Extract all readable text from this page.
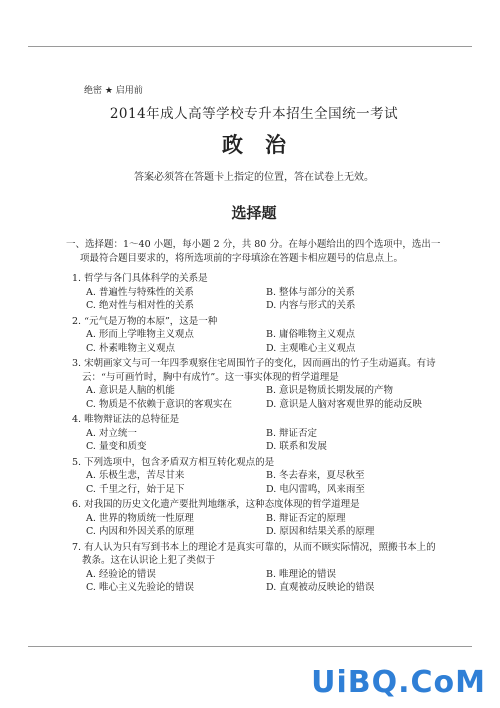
绝密 ★ 启用前
2014年成人高等学校专升本招生全国统一考试
政治
答案必须答在答题卡上指定的位置，答在试卷上无效。
选择题
一、选择题：1～40 小题，每小题 2 分，共 80 分。在每小题给出的四个选项中，选出一
项最符合题目要求的，将所选项前的字母填涂在答题卡相应题号的信息点上。
1. 哲学与各门具体科学的关系是
A. 普遍性与特殊性的关系	B. 整体与部分的关系
C. 绝对性与相对性的关系	D. 内容与形式的关系
2. “元气是万物的本原”，这是一种
A. 形而上学唯物主义观点	B. 庸俗唯物主义观点
C. 朴素唯物主义观点	D. 主观唯心主义观点
3. 宋朝画家文与可一年四季观察住宅周围竹子的变化，因而画出的竹子生动逼真。有诗
云：“与可画竹时，胸中有成竹”。这一事实体现的哲学道理是
A. 意识是人脑的机能	B. 意识是物质长期发展的产物
C. 物质是不依赖于意识的客观实在	D. 意识是人脑对客观世界的能动反映
4. 唯物辩证法的总特征是
A. 对立统一	B. 辩证否定
C. 量变和质变	D. 联系和发展
5. 下列选项中，包含矛盾双方相互转化观点的是
A. 乐极生悲，苦尽甘来	B. 冬去春来，夏尽秋至
C. 千里之行，始于足下	D. 电闪雷鸣，风来雨至
6. 对我国的历史文化遗产要批判地继承，这种态度体现的哲学道理是
A. 世界的物质统一性原理	B. 辩证否定的原理
C. 内因和外因关系的原理	D. 原因和结果关系的原理
7. 有人认为只有写到书本上的理论才是真实可靠的，从而不顾实际情况，照搬书本上的
教条。这在认识论上犯了类似于
A. 经验论的错误	B. 唯理论的错误
C. 唯心主义先验论的错误	D. 直观被动反映论的错误
UiBQ.CoM
